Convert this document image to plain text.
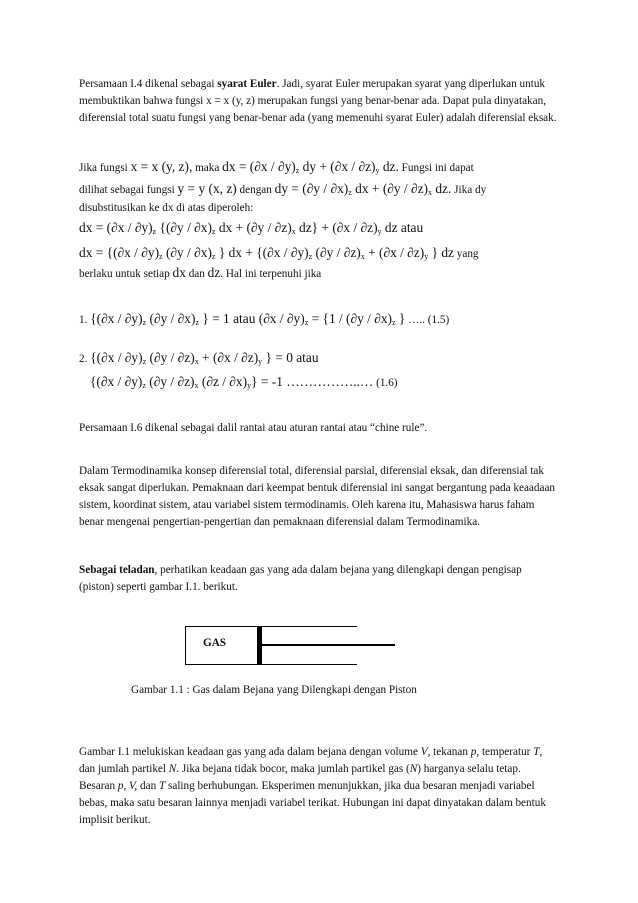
Persamaan I.4 dikenal sebagai syarat Euler. Jadi, syarat Euler merupakan syarat yang diperlukan untuk membuktikan bahwa fungsi x = x (y, z) merupakan fungsi yang benar-benar ada. Dapat pula dinyatakan, diferensial total suatu fungsi yang benar-benar ada (yang memenuhi syarat Euler) adalah diferensial eksak.

Jika fungsi x = x (y, z), maka dx = $(\partial x / \partial y)_z$ dy + $(\partial x / \partial z)_y$ dz. Fungsi ini dapat
dilihat sebagai fungsi y = y (x, z) dengan dy = $(\partial y / \partial x)_z$ dx + $(\partial y / \partial z)_x$ dz. Jika dy
disubstitusikan ke dx di atas diperoleh:
dx = $(\partial x / \partial y)_z$ {$(\partial y / \partial x)_z$ dx + $(\partial y / \partial z)_x$ $dz\} + (\partial x / \partial z)_y$ dz atau
dx = {$(\partial x / \partial y)_z$ $(\partial y / \partial x)_z$ } dx + {$(\partial x / \partial y)_z$ $(\partial y / \partial z)_x + (\partial x / \partial z)_y$ } dz yang
berlaku untuk setiap dx dan dz. Hal ini terpenuhi jika
1. {$(\partial x / \partial y)_z$ $(\partial y / \partial x)_z$ } = 1 atau $(\partial x / \partial y)_z = \{1 / (\partial y / \partial x)_z$ } ….. (1.5)
2. {$(\partial x / \partial y)_z$ $(\partial y / \partial z)_x + (\partial x / \partial z)_y$ } = 0 atau
{$(\partial x / \partial y)_z$ $(\partial y / \partial z)_x$ $(\partial z / \partial x)_y\} = -1$ ……………..… (1.6)

Persamaan I.6 dikenal sebagai dalil rantai atau aturan rantai atau “chine rule”.

Dalam Termodinamika konsep diferensial total, diferensial parsial, diferensial eksak, dan diferensial tak eksak sangat diperlukan. Pemaknaan dari keempat bentuk diferensial ini sangat bergantung pada keaadaan sistem, koordinat sistem, atau variabel sistem termodinamis. Oleh karena itu, Mahasiswa harus faham benar mengenai pengertian-pengertian dan pemaknaan diferensial dalam Termodinamika.

Sebagai teladan, perhatikan keadaan gas yang ada dalam bejana yang dilengkapi dengan pengisap (piston) seperti gambar I.1. berikut.

GAS
Gambar 1.1 : Gas dalam Bejana yang Dilengkapi dengan Piston

Gambar I.1 melukiskan keadaan gas yang ada dalam bejana dengan volume V, tekanan p, temperatur T, dan jumlah partikel N. Jika bejana tidak bocor, maka jumlah partikel gas (N) harganya selalu tetap. Besaran p, V, dan T saling berhubungan. Eksperimen menunjukkan, jika dua besaran menjadi variabel bebas, maka satu besaran lainnya menjadi variabel terikat. Hubungan ini dapat dinyatakan dalam bentuk implisit berikut.
